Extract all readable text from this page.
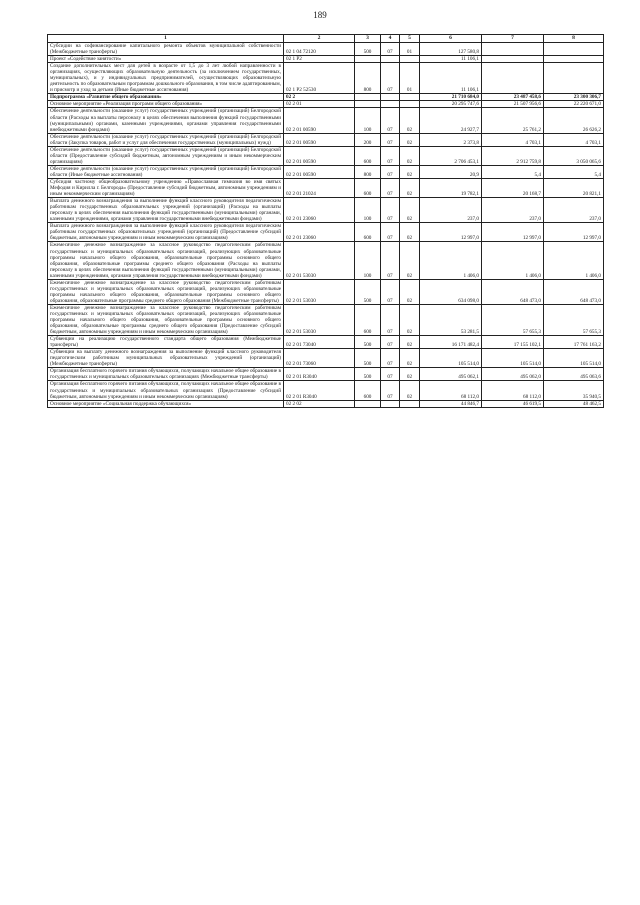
189
1	2	3	4	5	6	7	8
Субсидии на софинансирование капитального ремонта объектов муниципальной собственности (Межбюджетные трансферты)	02 1 04 72120	500	07	01	127 580,8		
Проект «Содействие занятости»	02 1 P2				11 106,1		
Создание дополнительных мест для детей в возрасте от 1,5 до 3 лет любой направленности в организациях, осуществляющих образовательную деятельность (за исключением государственных, муниципальных), и у индивидуальных предпринимателей, осуществляющих образовательную деятельность по образовательным программам дошкольного образования, в том числе адаптированным, и присмотр и уход за детьми (Иные бюджетные ассигнования)	02 1 P2 52530	800	07	01	11 106,1		
Подпрограмма «Развитие общего образования»	02 2				21 710 684,0	23 487 458,6	23 300 306,7
Основное мероприятие «Реализация программ общего образования»	02 2 01				20 295 747,6	21 507 956,6	22 220 671,0
Обеспечение деятельности (оказание услуг) государственных учреждений (организаций) Белгородской области (Расходы на выплаты персоналу в целях обеспечения выполнения функций государственными (муниципальными) органами, казенными учреждениями, органами управления государственными внебюджетными фондами)	02 2 01 00590	100	07	02	24 927,7	25 761,2	26 626,2
Обеспечение деятельности (оказание услуг) государственных учреждений (организаций) Белгородской области (Закупка товаров, работ и услуг для обеспечения государственных (муниципальных) нужд)	02 2 01 00590	200	07	02	2 373,8	4 703,1	4 703,1
Обеспечение деятельности (оказание услуг) государственных учреждений (организаций) Белгородской области (Предоставление субсидий бюджетным, автономным учреждениям и иным некоммерческим организациям)	02 2 01 00590	600	07	02	2 706 453,1	2 912 759,8	3 050 065,6
Обеспечение деятельности (оказание услуг) государственных учреждений (организаций) Белгородской области (Иные бюджетные ассигнования)	02 2 01 00590	800	07	02	20,9	5,4	5,4
Субсидия частному общеобразовательному учреждению «Православная гимназия во имя святых Мефодия и Кирилла г. Белгорода» (Предоставление субсидий бюджетным, автономным учреждениям и иным некоммерческим организациям)	02 2 01 21024	600	07	02	19 782,1	20 168,7	20 821,1
Выплата денежного вознаграждения за выполнение функций классного руководителя педагогическим работникам государственных образовательных учреждений (организаций) (Расходы на выплаты персоналу в целях обеспечения выполнения функций государственными (муниципальными) органами, казенными учреждениями, органами управления государственными внебюджетными фондами)	02 2 01 23060	100	07	02	237,0	237,0	237,0
Выплата денежного вознаграждения за выполнение функций классного руководителя педагогическим работникам государственных образовательных учреждений (организаций) (Предоставление субсидий бюджетным, автономным учреждениям и иным некоммерческим организациям)	02 2 01 23060	600	07	02	12 997,0	12 997,0	12 997,0
Ежемесячное денежное вознаграждение за классное руководство педагогическим работникам государственных и муниципальных образовательных организаций, реализующих образовательные программы начального общего образования, образовательные программы основного общего образования, образовательные программы среднего общего образования (Расходы на выплаты персоналу в целях обеспечения выполнения функций государственными (муниципальными) органами, казенными учреждениями, органами управления государственными внебюджетными фондами)	02 2 01 53030	100	07	02	1 406,0	1 406,0	1 406,0
Ежемесячное денежное вознаграждение за классное руководство педагогическим работникам государственных и муниципальных образовательных организаций, реализующих образовательные программы начального общего образования, образовательные программы основного общего образования, образовательные программы среднего общего образования (Межбюджетные трансферты)	02 2 01 53030	500	07	02	634 098,0	648 473,0	648 473,0
Ежемесячное денежное вознаграждение за классное руководство педагогическим работникам государственных и муниципальных образовательных организаций, реализующих образовательные программы начального общего образования, образовательные программы основного общего образования, образовательные программы среднего общего образования (Предоставление субсидий бюджетным, автономным учреждениям и иным некоммерческим организациям)	02 2 01 53030	600	07	02	53 281,5	57 655,3	57 655,3
Субвенции на реализацию государственного стандарта общего образования (Межбюджетные трансферты)	02 2 01 73040	500	07	02	16 171 482,4	17 155 102,1	17 761 163,2
Субвенции на выплату денежного вознаграждения за выполнение функций классного руководителя педагогическим работникам муниципальных образовательных учреждений (организаций) (Межбюджетные трансферты)	02 2 01 73060	500	07	02	105 514,0	105 514,0	105 514,0
Организация бесплатного горячего питания обучающихся, получающих начальное общее образование в государственных и муниципальных образовательных организациях (Межбюджетные трансферты)	02 2 01 R3040	500	07	02	495 062,1	495 062,0	495 063,6
Организация бесплатного горячего питания обучающихся, получающих начальное общее образование в государственных и муниципальных образовательных организациях (Предоставление субсидий бюджетным, автономным учреждениям и иным некоммерческим организациям)	02 2 01 R3040	600	07	02	68 112,0	68 112,0	35 940,5
Основное мероприятие «Социальная поддержка обучающихся»	02 2 02				44 846,7	46 619,5	48 462,5
